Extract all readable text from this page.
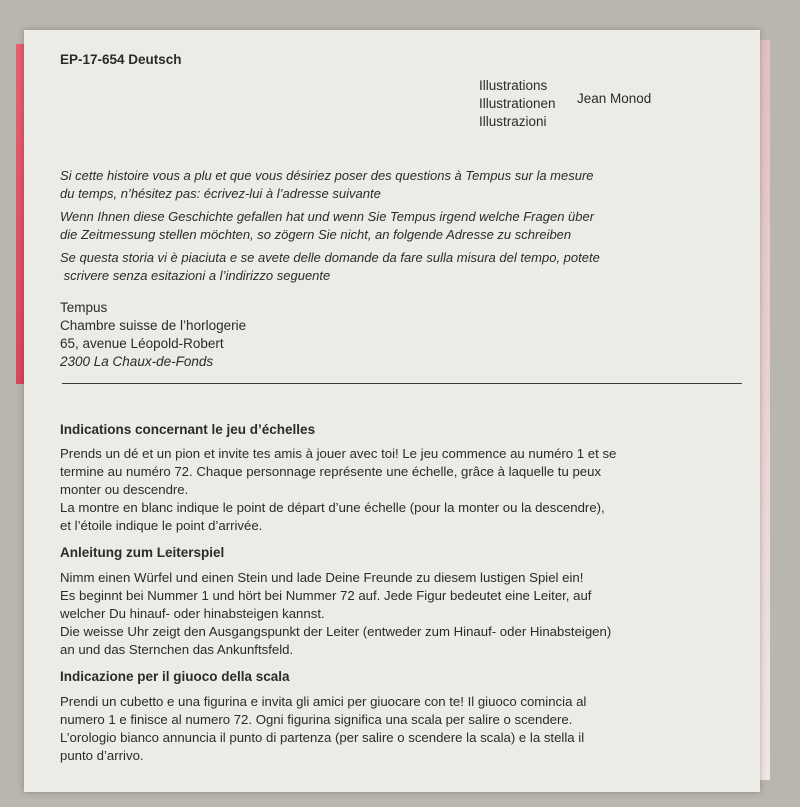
EP-17-654 Deutsch
Illustrations
Illustrationen
Illustrazioni
Jean Monod
Si cette histoire vous a plu et que vous désiriez poser des questions à Tempus sur la mesure
du temps, n’hésitez pas: écrivez-lui à l’adresse suivante
Wenn Ihnen diese Geschichte gefallen hat und wenn Sie Tempus irgend welche Fragen über
die Zeitmessung stellen möchten, so zögern Sie nicht, an folgende Adresse zu schreiben
Se questa storia vi è piaciuta e se avete delle domande da fare sulla misura del tempo, potete
scrivere senza esitazioni a l’indirizzo seguente
Tempus
Chambre suisse de l’horlogerie
65, avenue Léopold-Robert
2300 La Chaux-de-Fonds
Indications concernant le jeu d’échelles
Prends un dé et un pion et invite tes amis à jouer avec toi! Le jeu commence au numéro 1 et se
termine au numéro 72. Chaque personnage représente une échelle, grâce à laquelle tu peux
monter ou descendre.
La montre en blanc indique le point de départ d’une échelle (pour la monter ou la descendre),
et l’étoile indique le point d’arrivée.
Anleitung zum Leiterspiel
Nimm einen Würfel und einen Stein und lade Deine Freunde zu diesem lustigen Spiel ein!
Es beginnt bei Nummer 1 und hört bei Nummer 72 auf. Jede Figur bedeutet eine Leiter, auf
welcher Du hinauf- oder hinabsteigen kannst.
Die weisse Uhr zeigt den Ausgangspunkt der Leiter (entweder zum Hinauf- oder Hinabsteigen)
an und das Sternchen das Ankunftsfeld.
Indicazione per il giuoco della scala
Prendi un cubetto e una figurina e invita gli amici per giuocare con te! Il giuoco comincia al
numero 1 e finisce al numero 72. Ogni figurina significa una scala per salire o scendere.
L’orologio bianco annuncia il punto di partenza (per salire o scendere la scala) e la stella il
punto d’arrivo.
